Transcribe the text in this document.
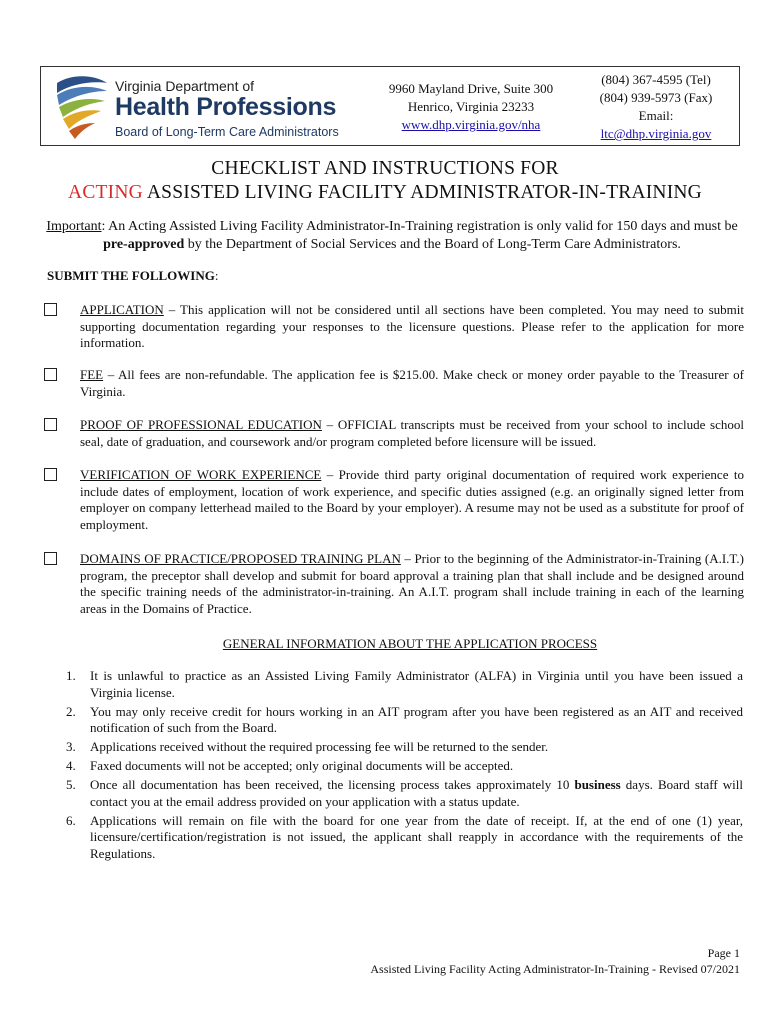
Virginia Department of
Health Professions
Board of Long-Term Care Administrators
9960 Mayland Drive, Suite 300
Henrico, Virginia 23233
www.dhp.virginia.gov/nha
(804) 367-4595 (Tel)
(804) 939-5973 (Fax)
Email:
ltc@dhp.virginia.gov
CHECKLIST AND INSTRUCTIONS FOR
ACTING ASSISTED LIVING FACILITY ADMINISTRATOR-IN-TRAINING
Important: An Acting Assisted Living Facility Administrator-In-Training registration is only valid for 150 days and must be pre-approved by the Department of Social Services and the Board of Long-Term Care Administrators.
SUBMIT THE FOLLOWING:
APPLICATION – This application will not be considered until all sections have been completed. You may need to submit supporting documentation regarding your responses to the licensure questions. Please refer to the application for more information.
FEE – All fees are non-refundable. The application fee is $215.00. Make check or money order payable to the Treasurer of Virginia.
PROOF OF PROFESSIONAL EDUCATION – OFFICIAL transcripts must be received from your school to include school seal, date of graduation, and coursework and/or program completed before licensure will be issued.
VERIFICATION OF WORK EXPERIENCE – Provide third party original documentation of required work experience to include dates of employment, location of work experience, and specific duties assigned (e.g. an originally signed letter from employer on company letterhead mailed to the Board by your employer). A resume may not be used as a substitute for proof of employment.
DOMAINS OF PRACTICE/PROPOSED TRAINING PLAN – Prior to the beginning of the Administrator-in-Training (A.I.T.) program, the preceptor shall develop and submit for board approval a training plan that shall include and be designed around the specific training needs of the administrator-in-training. An A.I.T. program shall include training in each of the learning areas in the Domains of Practice.
GENERAL INFORMATION ABOUT THE APPLICATION PROCESS
1. It is unlawful to practice as an Assisted Living Family Administrator (ALFA) in Virginia until you have been issued a Virginia license.
2. You may only receive credit for hours working in an AIT program after you have been registered as an AIT and received notification of such from the Board.
3. Applications received without the required processing fee will be returned to the sender.
4. Faxed documents will not be accepted; only original documents will be accepted.
5. Once all documentation has been received, the licensing process takes approximately 10 business days. Board staff will contact you at the email address provided on your application with a status update.
6. Applications will remain on file with the board for one year from the date of receipt. If, at the end of one (1) year, licensure/certification/registration is not issued, the applicant shall reapply in accordance with the requirements of the Regulations.
Page 1
Assisted Living Facility Acting Administrator-In-Training - Revised 07/2021
